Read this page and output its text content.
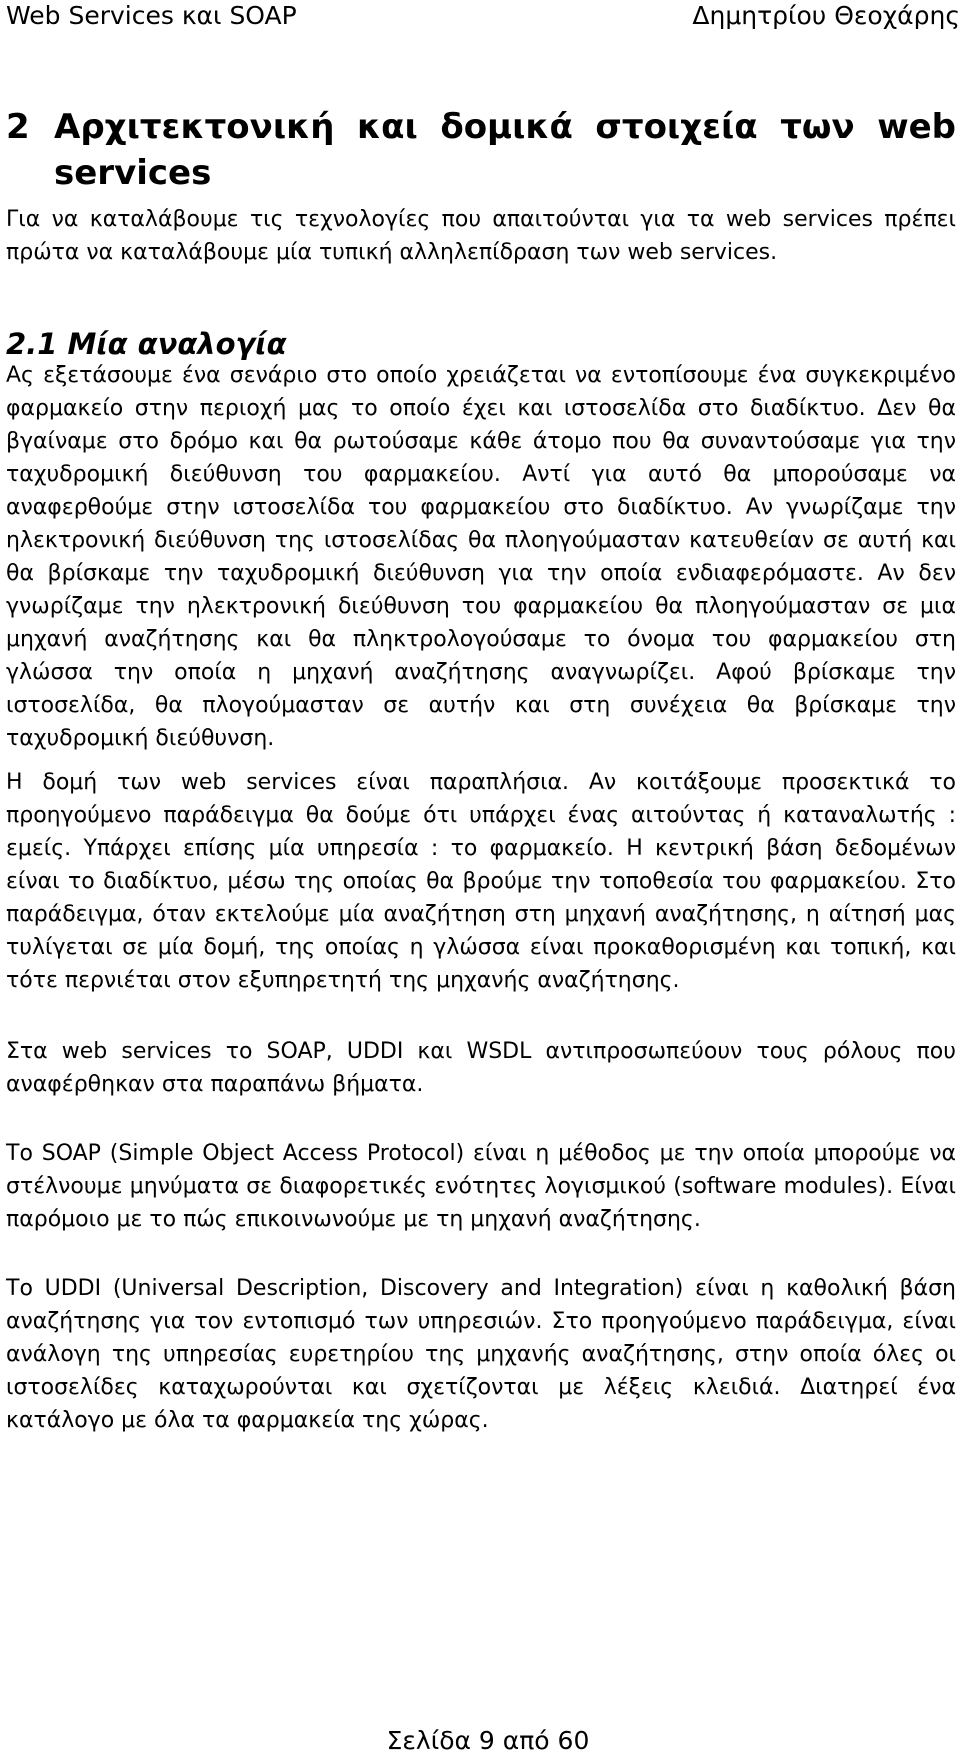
Web Services και SOAP	Δημητρίου Θεοχάρης
2 Αρχιτεκτονική και δομικά στοιχεία των web
services

Για να καταλάβουμε τις τεχνολογίες που απαιτούνται για τα web services πρέπει πρώτα να καταλάβουμε μία τυπική αλληλεπίδραση των web services.

2.1 Μία αναλογία

Ας εξετάσουμε ένα σενάριο στο οποίο χρειάζεται να εντοπίσουμε ένα συγκεκριμένο φαρμακείο στην περιοχή μας το οποίο έχει και ιστοσελίδα στο διαδίκτυο. Δεν θα βγαίναμε στο δρόμο και θα ρωτούσαμε κάθε άτομο που θα συναντούσαμε για την ταχυδρομική διεύθυνση του φαρμακείου. Αντί για αυτό θα μπορούσαμε να αναφερθούμε στην ιστοσελίδα του φαρμακείου στο διαδίκτυο. Αν γνωρίζαμε την ηλεκτρονική διεύθυνση της ιστοσελίδας θα πλοηγούμασταν κατευθείαν σε αυτή και θα βρίσκαμε την ταχυδρομική διεύθυνση για την οποία ενδιαφερόμαστε. Αν δεν γνωρίζαμε την ηλεκτρονική διεύθυνση του φαρμακείου θα πλοηγούμασταν σε μια μηχανή αναζήτησης και θα πληκτρολογούσαμε το όνομα του φαρμακείου στη γλώσσα την οποία η μηχανή αναζήτησης αναγνωρίζει. Αφού βρίσκαμε την ιστοσελίδα, θα πλογούμασταν σε αυτήν και στη συνέχεια θα βρίσκαμε την ταχυδρομική διεύθυνση.

Η δομή των web services είναι παραπλήσια. Αν κοιτάξουμε προσεκτικά το προηγούμενο παράδειγμα θα δούμε ότι υπάρχει ένας αιτούντας ή καταναλωτής : εμείς. Υπάρχει επίσης μία υπηρεσία : το φαρμακείο. Η κεντρική βάση δεδομένων είναι το διαδίκτυο, μέσω της οποίας θα βρούμε την τοποθεσία του φαρμακείου. Στο παράδειγμα, όταν εκτελούμε μία αναζήτηση στη μηχανή αναζήτησης, η αίτησή μας τυλίγεται σε μία δομή, της οποίας η γλώσσα είναι προκαθορισμένη και τοπική, και τότε περνιέται στον εξυπηρετητή της μηχανής αναζήτησης.

Στα web services το SOAP, UDDI και WSDL αντιπροσωπεύουν τους ρόλους που αναφέρθηκαν στα παραπάνω βήματα.

Το SOAP (Simple Object Access Protocol) είναι η μέθοδος με την οποία μπορούμε να στέλνουμε μηνύματα σε διαφορετικές ενότητες λογισμικού (software modules). Είναι παρόμοιο με το πώς επικοινωνούμε με τη μηχανή αναζήτησης.

Το UDDI (Universal Description, Discovery and Integration) είναι η καθολική βάση αναζήτησης για τον εντοπισμό των υπηρεσιών. Στο προηγούμενο παράδειγμα, είναι ανάλογη της υπηρεσίας ευρετηρίου της μηχανής αναζήτησης, στην οποία όλες οι ιστοσελίδες καταχωρούνται και σχετίζονται με λέξεις κλειδιά. Διατηρεί ένα κατάλογο με όλα τα φαρμακεία της χώρας.

Σελίδα 9 από 60
